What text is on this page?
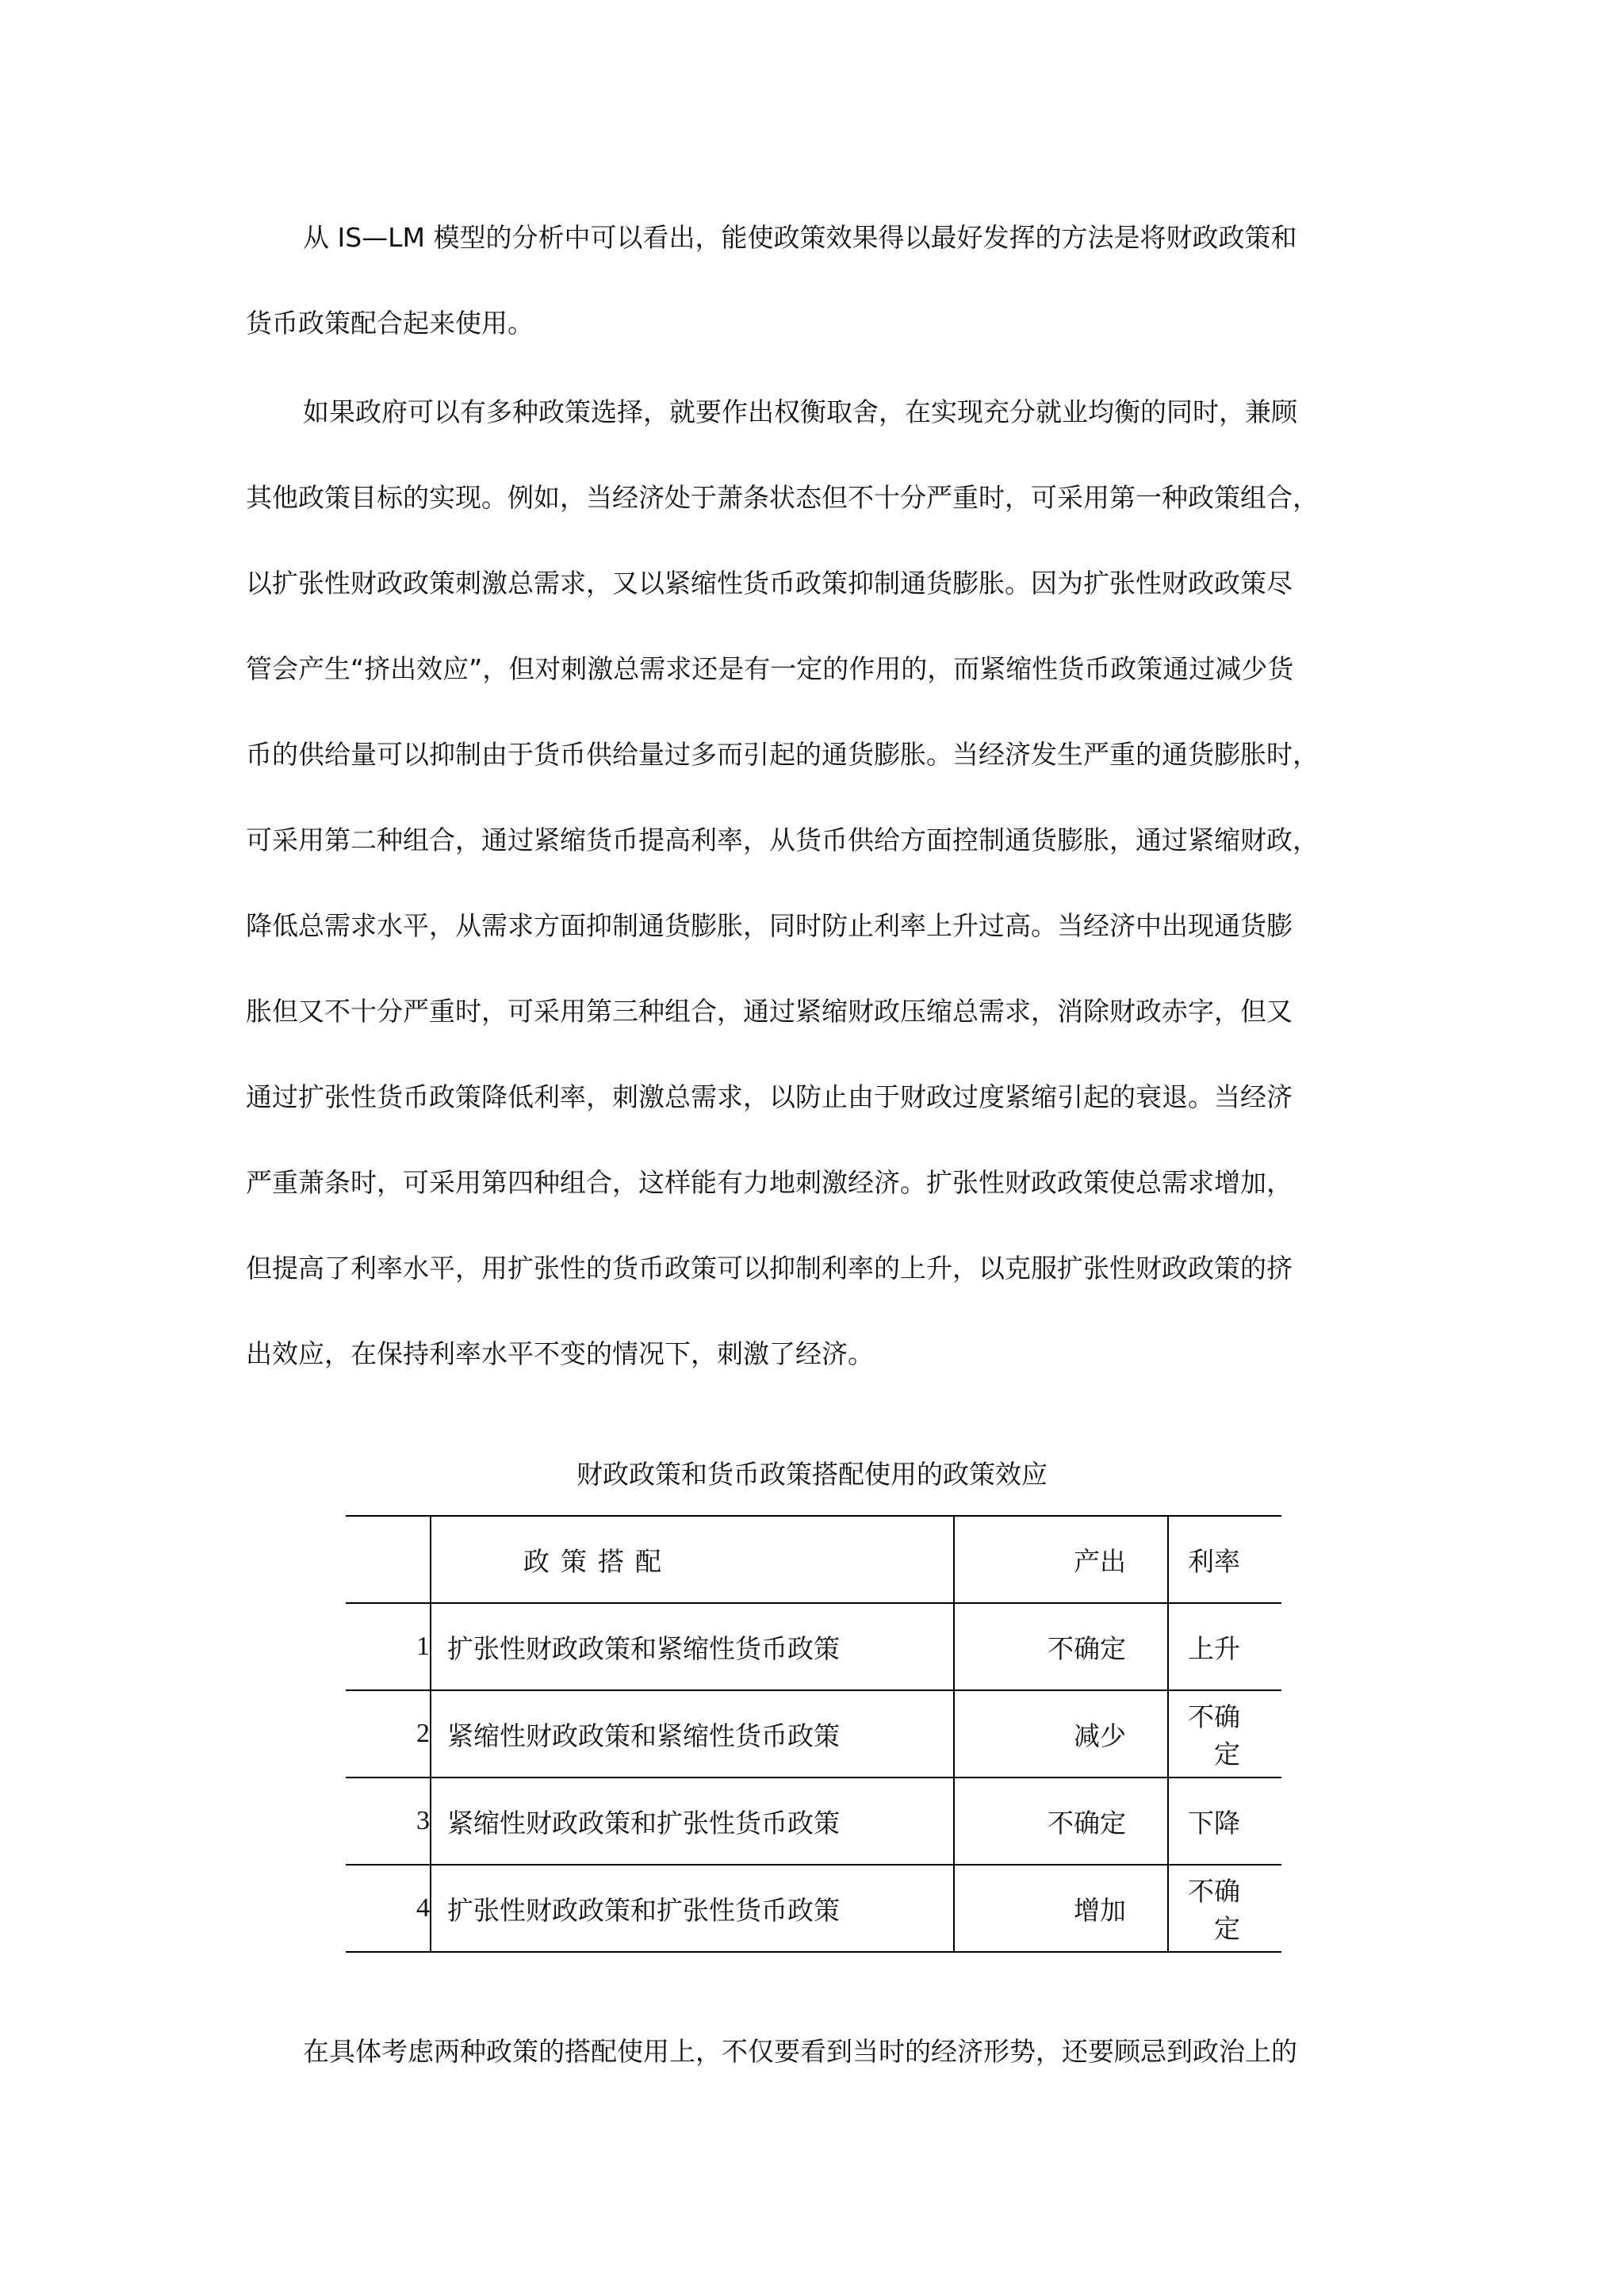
从 IS—LM 模型的分析中可以看出，能使政策效果得以最好发挥的方法是将财政政策和
货币政策配合起来使用。
如果政府可以有多种政策选择，就要作出权衡取舍，在实现充分就业均衡的同时，兼顾
其他政策目标的实现。例如，当经济处于萧条状态但不十分严重时，可采用第一种政策组合，
以扩张性财政政策刺激总需求，又以紧缩性货币政策抑制通货膨胀。因为扩张性财政政策尽
管会产生“挤出效应”，但对刺激总需求还是有一定的作用的，而紧缩性货币政策通过减少货
币的供给量可以抑制由于货币供给量过多而引起的通货膨胀。当经济发生严重的通货膨胀时，
可采用第二种组合，通过紧缩货币提高利率，从货币供给方面控制通货膨胀，通过紧缩财政，
降低总需求水平，从需求方面抑制通货膨胀，同时防止利率上升过高。当经济中出现通货膨
胀但又不十分严重时，可采用第三种组合，通过紧缩财政压缩总需求，消除财政赤字，但又
通过扩张性货币政策降低利率，刺激总需求，以防止由于财政过度紧缩引起的衰退。当经济
严重萧条时，可采用第四种组合，这样能有力地刺激经济。扩张性财政政策使总需求增加，
但提高了利率水平，用扩张性的货币政策可以抑制利率的上升，以克服扩张性财政政策的挤
出效应，在保持利率水平不变的情况下，刺激了经济。
财政政策和货币政策搭配使用的政策效应
	政策搭配	产出	利率
1	扩张性财政政策和紧缩性货币政策	不确定	上升
2	紧缩性财政政策和紧缩性货币政策	减少	不确定
3	紧缩性财政政策和扩张性货币政策	不确定	下降
4	扩张性财政政策和扩张性货币政策	增加	不确定
在具体考虑两种政策的搭配使用上，不仅要看到当时的经济形势，还要顾忌到政治上的
